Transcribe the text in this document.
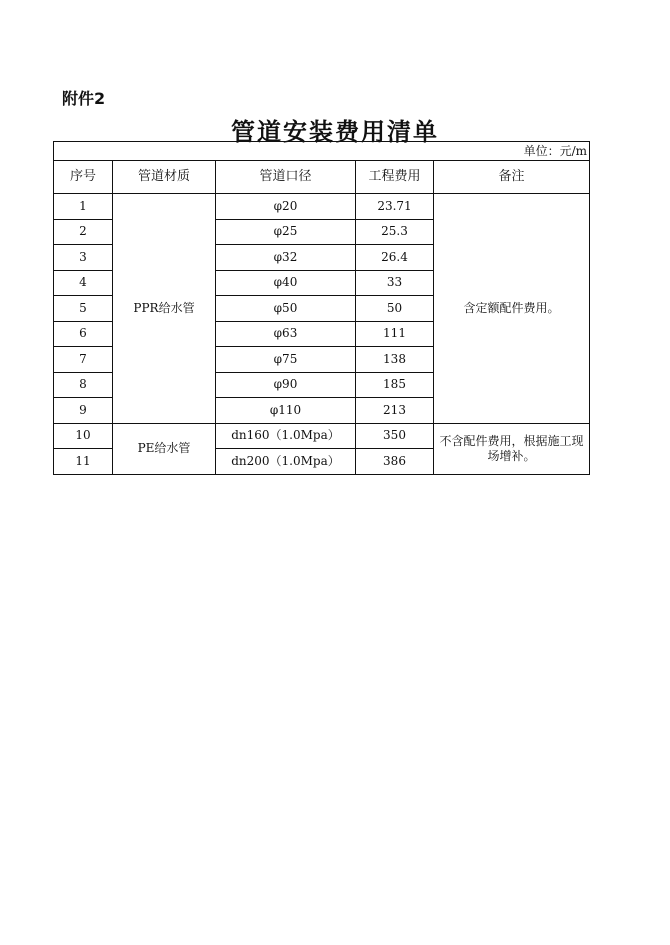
附件2
管道安装费用清单
单位：元/m				
序号	管道材质	管道口径	工程费用	备注
1	PPR给水管	φ20	23.71	含定额配件费用。
2		φ25	25.3	
3		φ32	26.4	
4		φ40	33	
5		φ50	50	
6		φ63	111	
7		φ75	138	
8		φ90	185	
9		φ110	213	
10	PE给水管	dn160（1.0Mpa）	350	不含配件费用，根据施工现场增补。
11		dn200（1.0Mpa）	386	
